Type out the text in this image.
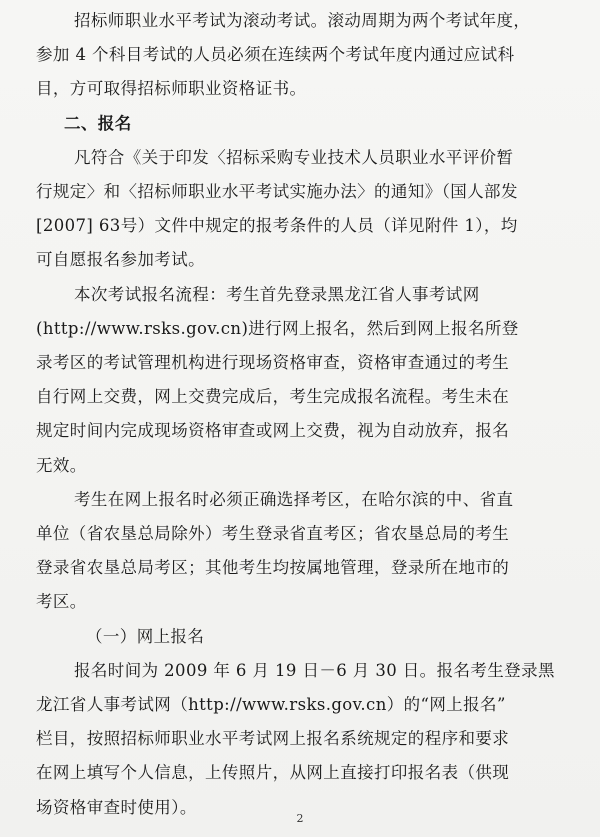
招标师职业水平考试为滚动考试。滚动周期为两个考试年度，
参加 4 个科目考试的人员必须在连续两个考试年度内通过应试科
目，方可取得招标师职业资格证书。
二、报名
凡符合《关于印发〈招标采购专业技术人员职业水平评价暂
行规定〉和〈招标师职业水平考试实施办法〉的通知》（国人部发
[2007] 63号）文件中规定的报考条件的人员（详见附件 1），均
可自愿报名参加考试。
本次考试报名流程：考生首先登录黑龙江省人事考试网
(http://www.rsks.gov.cn)进行网上报名，然后到网上报名所登
录考区的考试管理机构进行现场资格审查，资格审查通过的考生
自行网上交费，网上交费完成后，考生完成报名流程。考生未在
规定时间内完成现场资格审查或网上交费，视为自动放弃，报名
无效。
考生在网上报名时必须正确选择考区，在哈尔滨的中、省直
单位（省农垦总局除外）考生登录省直考区；省农垦总局的考生
登录省农垦总局考区；其他考生均按属地管理，登录所在地市的
考区。
（一）网上报名
报名时间为 2009 年 6 月 19 日－6 月 30 日。报名考生登录黑
龙江省人事考试网（http://www.rsks.gov.cn）的“网上报名”
栏目，按照招标师职业水平考试网上报名系统规定的程序和要求
在网上填写个人信息，上传照片，从网上直接打印报名表（供现
场资格审查时使用）。
2
